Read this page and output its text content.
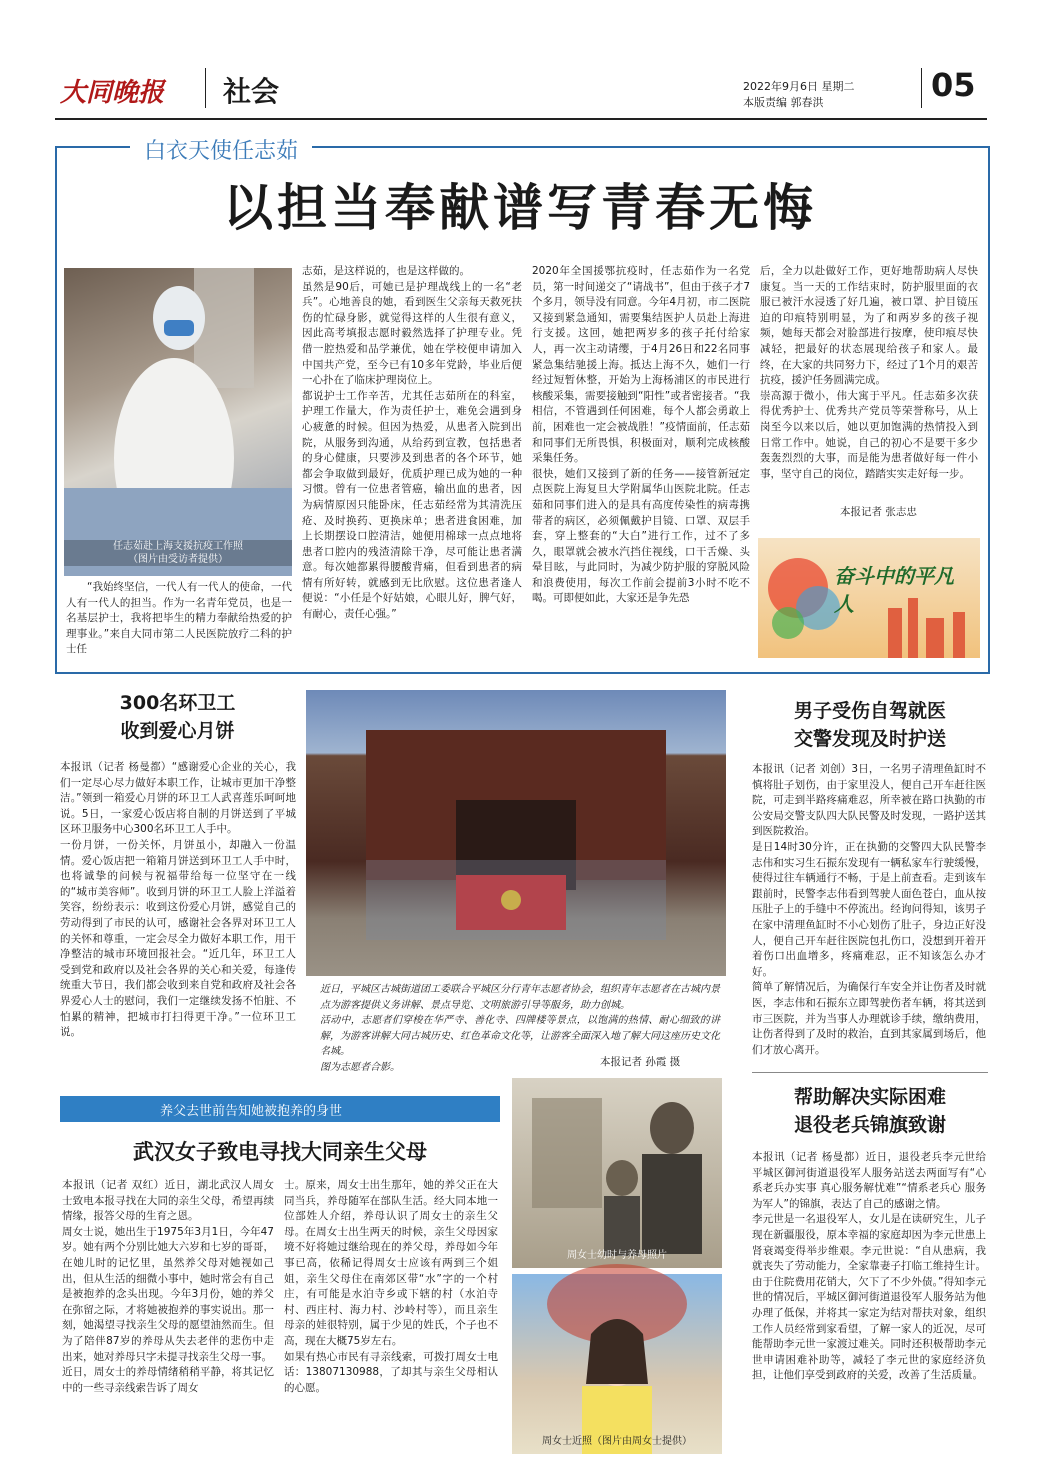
大同晚报	社会	2022年9月6日 星期二
本版责编 郭春洪	05
白衣天使任志茹
以担当奉献谱写青春无悔
任志茹赴上海支援抗疫工作照
（图片由受访者提供）
“我始终坚信，一代人有一代人的使命，一代人有一代人的担当。作为一名青年党员，也是一名基层护士，我将把毕生的精力奉献给热爱的护理事业。”来自大同市第二人民医院放疗二科的护士任
志茹，是这样说的，也是这样做的。
虽然是90后，可她已是护理战线上的一名“老兵”。心地善良的她，看到医生父亲每天救死扶伤的忙碌身影，就觉得这样的人生很有意义，因此高考填报志愿时毅然选择了护理专业。凭借一腔热爱和品学兼优，她在学校便申请加入中国共产党，至今已有10多年党龄，毕业后便一心扑在了临床护理岗位上。
都说护士工作辛苦，尤其任志茹所在的科室，护理工作量大，作为责任护士，难免会遇到身心疲惫的时候。但因为热爱，从患者入院到出院，从服务到沟通，从给药到宣教，包括患者的身心健康，只要涉及到患者的各个环节，她都会争取做到最好，优质护理已成为她的一种习惯。曾有一位患者管癌，输出血的患者，因为病情原因只能卧床，任志茹经常为其清洗压疮、及时换药、更换床单；患者进食困难，加上长期摆设口腔清洁，她便用棉球一点点地将患者口腔内的残渣清除干净，尽可能让患者满意。每次她都累得腰酸背痛，但看到患者的病情有所好转，就感到无比欣慰。这位患者逢人便说：“小任是个好姑娘，心眼儿好，脾气好，有耐心，责任心强。”
2020年全国援鄂抗疫时，任志茹作为一名党员，第一时间递交了“请战书”，但由于孩子才7个多月，领导没有同意。今年4月初，市二医院又接到紧急通知，需要集结医护人员赴上海进行支援。这回，她把两岁多的孩子托付给家人，再一次主动请缨，于4月26日和22名同事紧急集结驰援上海。抵达上海不久，她们一行经过短暂休整，开始为上海杨浦区的市民进行核酸采集，需要接触到“阳性”或者密接者。“我相信，不管遇到任何困难，每个人都会勇敢上前，困难也一定会被战胜！”疫情面前，任志茹和同事们无所畏惧，积极面对，顺利完成核酸采集任务。
很快，她们又接到了新的任务——接管新冠定点医院上海复旦大学附属华山医院北院。任志茹和同事们进入的是具有高度传染性的病毒携带者的病区，必须佩戴护目镜、口罩、双层手套，穿上整套的“大白”进行工作，过不了多久，眼罩就会被水汽挡住视线，口干舌燥、头晕目眩，与此同时，为减少防护服的穿脱风险和浪费使用，每次工作前会提前3小时不吃不喝。可即便如此，大家还是争先恐
后，全力以赴做好工作，更好地帮助病人尽快康复。当一天的工作结束时，防护服里面的衣服已被汗水浸透了好几遍，被口罩、护目镜压迫的印痕特别明显，为了和两岁多的孩子视频，她每天都会对脸部进行按摩，使印痕尽快减轻，把最好的状态展现给孩子和家人。最终，在大家的共同努力下，经过了1个月的艰苦抗疫，援沪任务圆满完成。
崇高源于微小，伟大寓于平凡。任志茹多次获得优秀护士、优秀共产党员等荣誉称号，从上岗至今以来以后，她以更加饱满的热情投入到日常工作中。她说，自己的初心不是要干多少轰轰烈烈的大事，而是能为患者做好每一件小事，坚守自己的岗位，踏踏实实走好每一步。
本报记者 张志忠
奋斗中的平凡人
300名环卫工
收到爱心月饼
本报讯（记者 杨曼都）“感谢爱心企业的关心，我们一定尽心尽力做好本职工作，让城市更加干净整洁。”领到一箱爱心月饼的环卫工人武喜莲乐呵呵地说。5日，一家爱心饭店将自制的月饼送到了平城区环卫服务中心300名环卫工人手中。
一份月饼，一份关怀，月饼虽小，却融入一份温情。爱心饭店把一箱箱月饼送到环卫工人手中时，也将诚挚的问候与祝福带给每一位坚守在一线的“城市美容师”。收到月饼的环卫工人脸上洋溢着笑容，纷纷表示：收到这份爱心月饼，感觉自己的劳动得到了市民的认可，感谢社会各界对环卫工人的关怀和尊重，一定会尽全力做好本职工作，用干净整洁的城市环境回报社会。“近几年，环卫工人受到党和政府以及社会各界的关心和关爱，每逢传统重大节日，我们都会收到来自党和政府及社会各界爱心人士的慰问，我们一定继续发扬不怕脏、不怕累的精神，把城市打扫得更干净。”一位环卫工说。
近日，平城区古城街道团工委联合平城区分行青年志愿者协会，组织青年志愿者在古城内景点为游客提供义务讲解、景点导览、文明旅游引导等服务，助力创城。
活动中，志愿者们穿梭在华严寺、善化寺、四牌楼等景点，以饱满的热情、耐心细致的讲解，为游客讲解大同古城历史、红色革命文化等，让游客全面深入地了解大同这座历史文化名城。
图为志愿者合影。	本报记者 孙霞 摄
男子受伤自驾就医
交警发现及时护送
本报讯（记者 刘创）3日，一名男子清理鱼缸时不慎将肚子划伤，由于家里没人，便自己开车赶往医院，可走到半路疼痛难忍，所幸被在路口执勤的市公安局交警支队四大队民警及时发现，一路护送其到医院救治。
是日14时30分许，正在执勤的交警四大队民警李志伟和实习生石振东发现有一辆私家车行驶缓慢，使得过往车辆通行不畅，于是上前查看。走到该车跟前时，民警李志伟看到驾驶人面色苍白，血从按压肚子上的手缝中不停流出。经询问得知，该男子在家中清理鱼缸时不小心划伤了肚子，身边正好没人，便自己开车赶往医院包扎伤口，没想到开着开着伤口出血增多，疼痛难忍，正不知该怎么办才好。
简单了解情况后，为确保行车安全并让伤者及时就医，李志伟和石振东立即驾驶伤者车辆，将其送到市三医院，并为当事人办理就诊手续，缴纳费用，让伤者得到了及时的救治，直到其家属到场后，他们才放心离开。
帮助解决实际困难
退役老兵锦旗致谢
本报讯（记者 杨曼都）近日，退役老兵李元世给平城区御河街道退役军人服务站送去两面写有“心系老兵办实事 真心服务解忧难”“情系老兵心 服务为军人”的锦旗，表达了自己的感谢之情。
李元世是一名退役军人，女儿是在读研究生，儿子现在新疆服役，原本幸福的家庭却因为李元世患上肾衰竭变得举步维艰。李元世说：“自从患病，我就丧失了劳动能力，全家靠妻子打临工维持生计。由于住院费用花销大，欠下了不少外债。”得知李元世的情况后，平城区御河街道退役军人服务站为他办理了低保，并将其一家定为结对帮扶对象，组织工作人员经常到家看望，了解一家人的近况，尽可能帮助李元世一家渡过难关。同时还积极帮助李元世申请困难补助等，减轻了李元世的家庭经济负担，让他们享受到政府的关爱，改善了生活质量。
养父去世前告知她被抱养的身世
武汉女子致电寻找大同亲生父母
本报讯（记者 双红）近日，湖北武汉人周女士致电本报寻找在大同的亲生父母，希望再续情缘，报答父母的生育之恩。
周女士说，她出生于1975年3月1日，今年47岁。她有两个分别比她大六岁和七岁的哥哥，在她儿时的记忆里，虽然养父母对她视如己出，但从生活的细微小事中，她时常会有自己是被抱养的念头出现。今年3月份，她的养父在弥留之际，才将她被抱养的事实说出。那一刻，她渴望寻找亲生父母的愿望油然而生。但为了陪伴87岁的养母从失去老伴的悲伤中走出来，她对养母只字未提寻找亲生父母一事。
近日，周女士的养母情绪稍稍平静，将其记忆中的一些寻亲线索告诉了周女
士。原来，周女士出生那年，她的养父正在大同当兵，养母随军在部队生活。经大同本地一位部姓人介绍，养母认识了周女士的亲生父母。在周女士出生两天的时候，亲生父母因家境不好将她过继给现在的养父母，养母如今年事已高，依稀记得周女士应该有两到三个姐姐，亲生父母住在南郊区带“水”字的一个村庄，有可能是水泊寺乡或下辖的村（水泊寺村、西庄村、海力村、沙岭村等），而且亲生母亲的娃很特别，属于少见的姓氏，个子也不高，现在大概75岁左右。
如果有热心市民有寻亲线索，可拨打周女士电话：13807130988，了却其与亲生父母相认的心愿。
周女士幼时与养母照片
周女士近照（图片由周女士提供）
